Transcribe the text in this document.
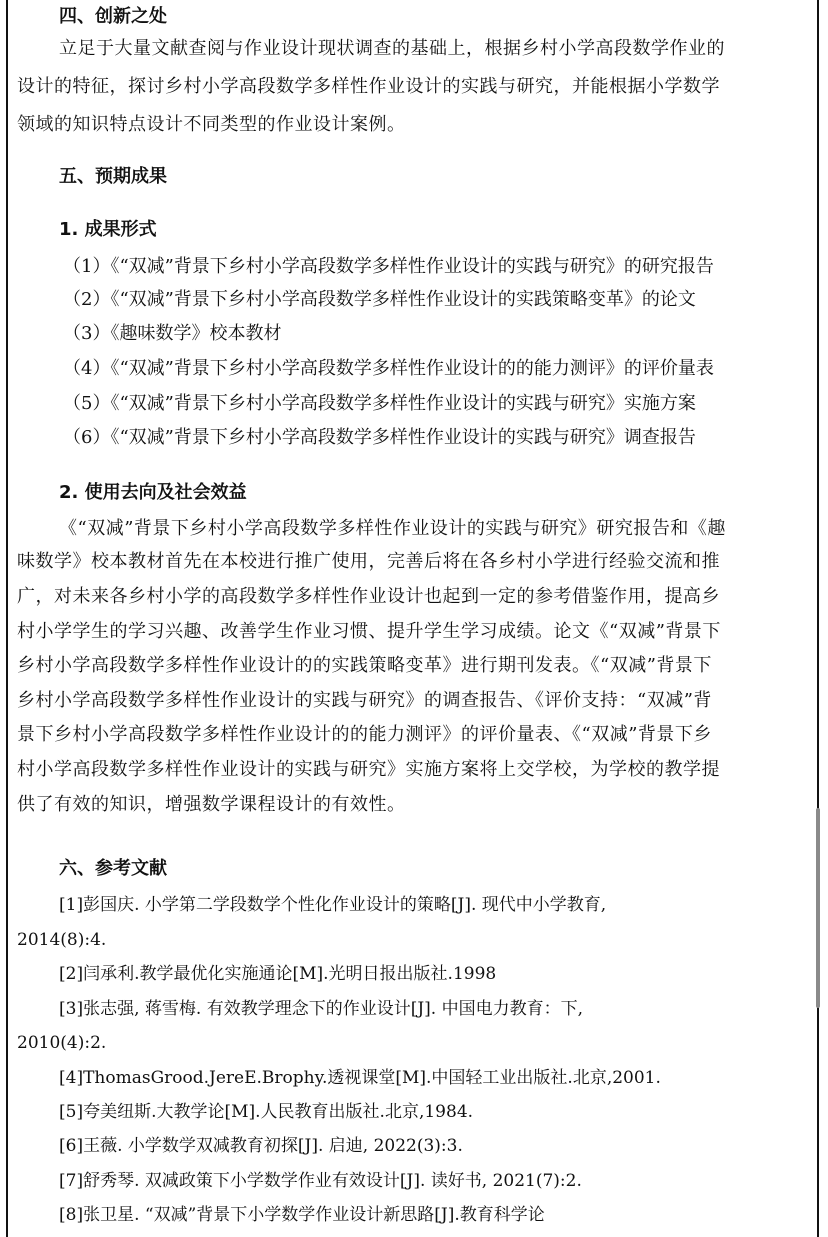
四、创新之处
立足于大量文献查阅与作业设计现状调查的基础上，根据乡村小学高段数学作业的
设计的特征，探讨乡村小学高段数学多样性作业设计的实践与研究，并能根据小学数学
领域的知识特点设计不同类型的作业设计案例。
五、预期成果
1. 成果形式
（1）《“双减”背景下乡村小学高段数学多样性作业设计的实践与研究》的研究报告
（2）《“双减”背景下乡村小学高段数学多样性作业设计的实践策略变革》的论文
（3）《趣味数学》校本教材
（4）《“双减”背景下乡村小学高段数学多样性作业设计的的能力测评》的评价量表
（5）《“双减”背景下乡村小学高段数学多样性作业设计的实践与研究》实施方案
（6）《“双减”背景下乡村小学高段数学多样性作业设计的实践与研究》调查报告
2. 使用去向及社会效益
《“双减”背景下乡村小学高段数学多样性作业设计的实践与研究》研究报告和《趣
味数学》校本教材首先在本校进行推广使用，完善后将在各乡村小学进行经验交流和推
广，对未来各乡村小学的高段数学多样性作业设计也起到一定的参考借鉴作用，提高乡
村小学学生的学习兴趣、改善学生作业习惯、提升学生学习成绩。论文《“双减”背景下
乡村小学高段数学多样性作业设计的的实践策略变革》进行期刊发表。《“双减”背景下
乡村小学高段数学多样性作业设计的实践与研究》的调查报告、《评价支持：“双减”背
景下乡村小学高段数学多样性作业设计的的能力测评》的评价量表、《“双减”背景下乡
村小学高段数学多样性作业设计的实践与研究》实施方案将上交学校，为学校的教学提
供了有效的知识，增强数学课程设计的有效性。
六、参考文献
[1]彭国庆. 小学第二学段数学个性化作业设计的策略[J]. 现代中小学教育,
2014(8):4.
[2]闫承利.教学最优化实施通论[M].光明日报出版社.1998
[3]张志强, 蒋雪梅. 有效教学理念下的作业设计[J]. 中国电力教育：下,
2010(4):2.
[4]ThomasGrood.JereE.Brophy.透视课堂[M].中国轻工业出版社.北京,2001.
[5]夸美纽斯.大教学论[M].人民教育出版社.北京,1984.
[6]王薇. 小学数学双减教育初探[J]. 启迪, 2022(3):3.
[7]舒秀琴. 双减政策下小学数学作业有效设计[J]. 读好书, 2021(7):2.
[8]张卫星. “双减”背景下小学数学作业设计新思路[J].教育科学论
